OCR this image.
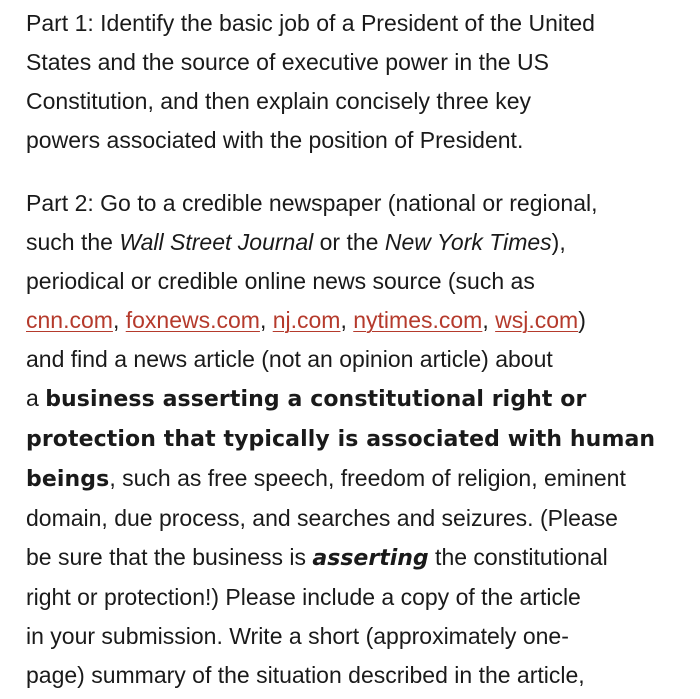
Part 1: Identify the basic job of a President of the United
States and the source of executive power in the US
Constitution, and then explain concisely three key
powers associated with the position of President.

Part 2: Go to a credible newspaper (national or regional,
such the Wall Street Journal or the New York Times),
periodical or credible online news source (such as
cnn.com, foxnews.com, nj.com, nytimes.com, wsj.com)
and find a news article (not an opinion article) about
a business asserting a constitutional right or
protection that typically is associated with human
beings, such as free speech, freedom of religion, eminent
domain, due process, and searches and seizures. (Please
be sure that the business is asserting the constitutional
right or protection!) Please include a copy of the article
in your submission. Write a short (approximately one-
page) summary of the situation described in the article,
